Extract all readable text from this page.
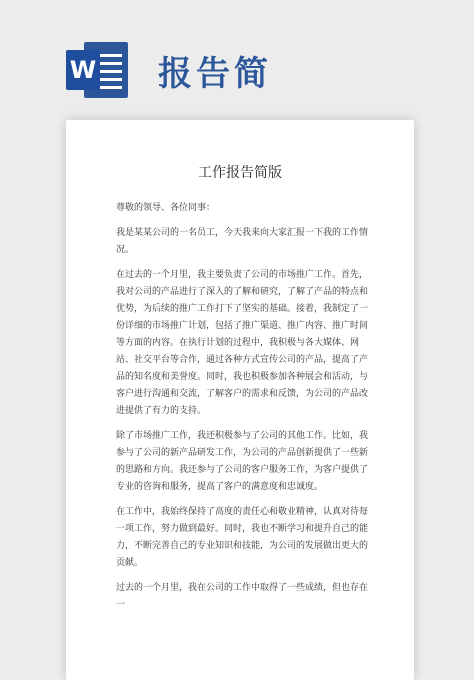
W 报告简
工作报告简版

尊敬的领导、各位同事：

我是某某公司的一名员工，今天我来向大家汇报一下我的工作情况。

在过去的一个月里，我主要负责了公司的市场推广工作。首先，我对公司的产品进行了深入的了解和研究，了解了产品的特点和优势，为后续的推广工作打下了坚实的基础。接着，我制定了一份详细的市场推广计划，包括了推广渠道、推广内容、推广时间等方面的内容。在执行计划的过程中，我积极与各大媒体、网站、社交平台等合作，通过各种方式宣传公司的产品，提高了产品的知名度和美誉度。同时，我也积极参加各种展会和活动，与客户进行沟通和交流，了解客户的需求和反馈，为公司的产品改进提供了有力的支持。

除了市场推广工作，我还积极参与了公司的其他工作。比如，我参与了公司的新产品研发工作，为公司的产品创新提供了一些新的思路和方向。我还参与了公司的客户服务工作，为客户提供了专业的咨询和服务，提高了客户的满意度和忠诚度。

在工作中，我始终保持了高度的责任心和敬业精神，认真对待每一项工作，努力做到最好。同时，我也不断学习和提升自己的能力，不断完善自己的专业知识和技能，为公司的发展做出更大的贡献。

过去的一个月里，我在公司的工作中取得了一些成绩，但也存在一
